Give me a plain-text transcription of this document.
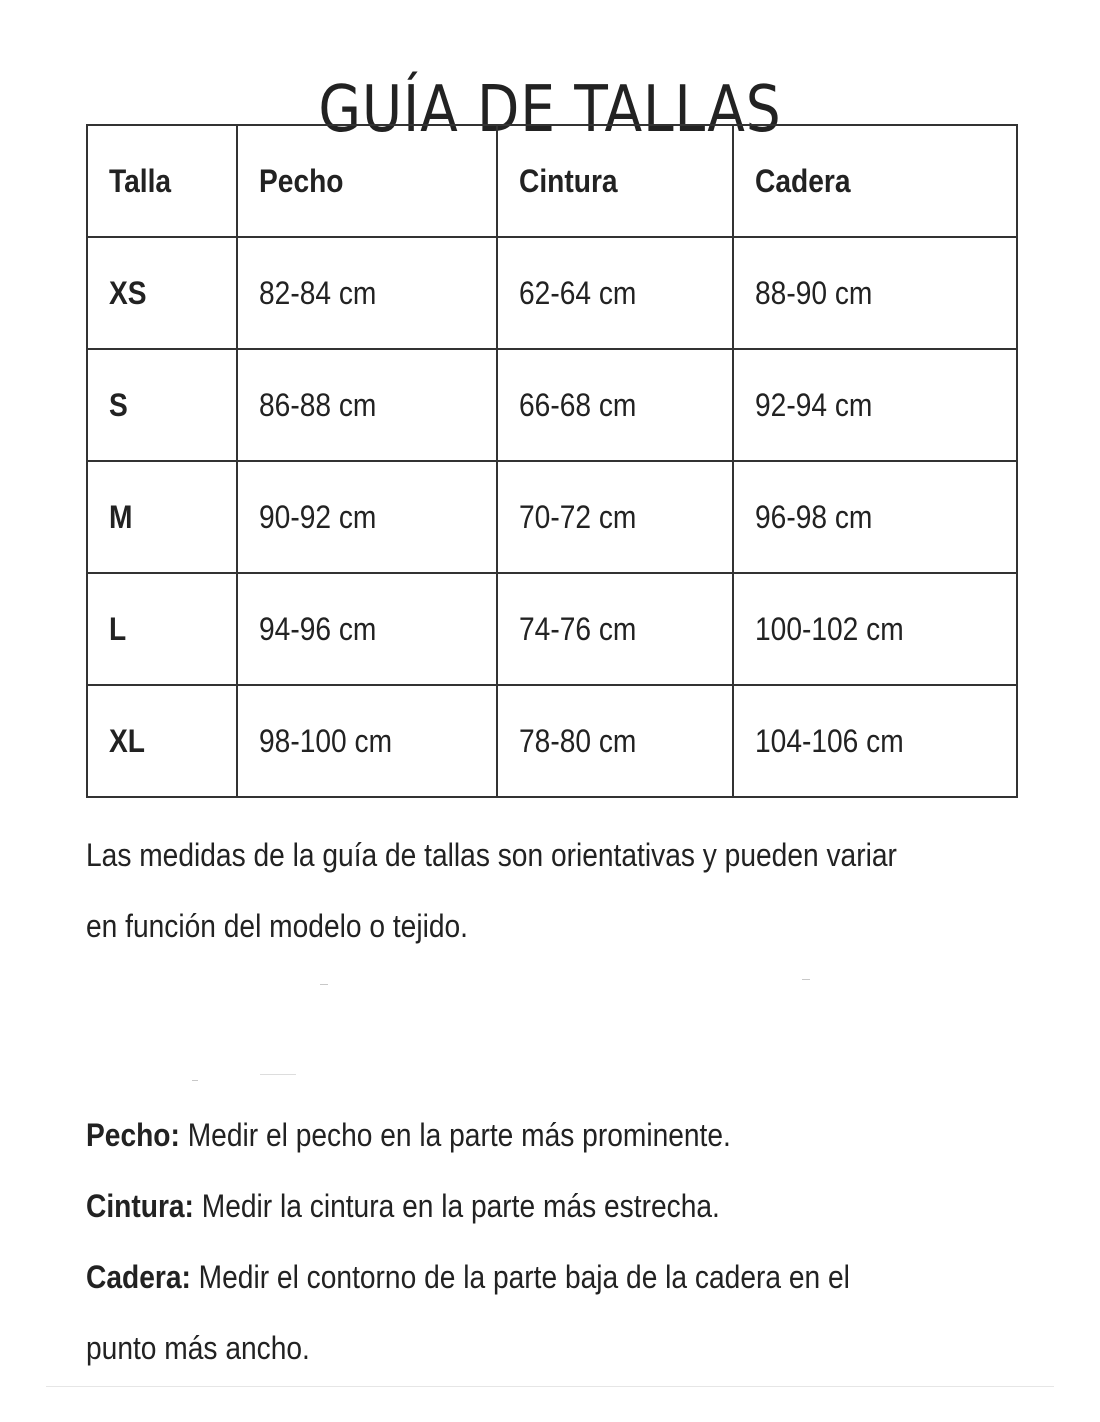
GUÍA DE TALLAS
Talla	Pecho	Cintura	Cadera
XS	82-84 cm	62-64 cm	88-90 cm
S	86-88 cm	66-68 cm	92-94 cm
M	90-92 cm	70-72 cm	96-98 cm
L	94-96 cm	74-76 cm	100-102 cm
XL	98-100 cm	78-80 cm	104-106 cm
Las medidas de la guía de tallas son orientativas y pueden variar
en función del modelo o tejido.
Pecho: Medir el pecho en la parte más prominente.
Cintura: Medir la cintura en la parte más estrecha.
Cadera: Medir el contorno de la parte baja de la cadera en el
punto más ancho.
